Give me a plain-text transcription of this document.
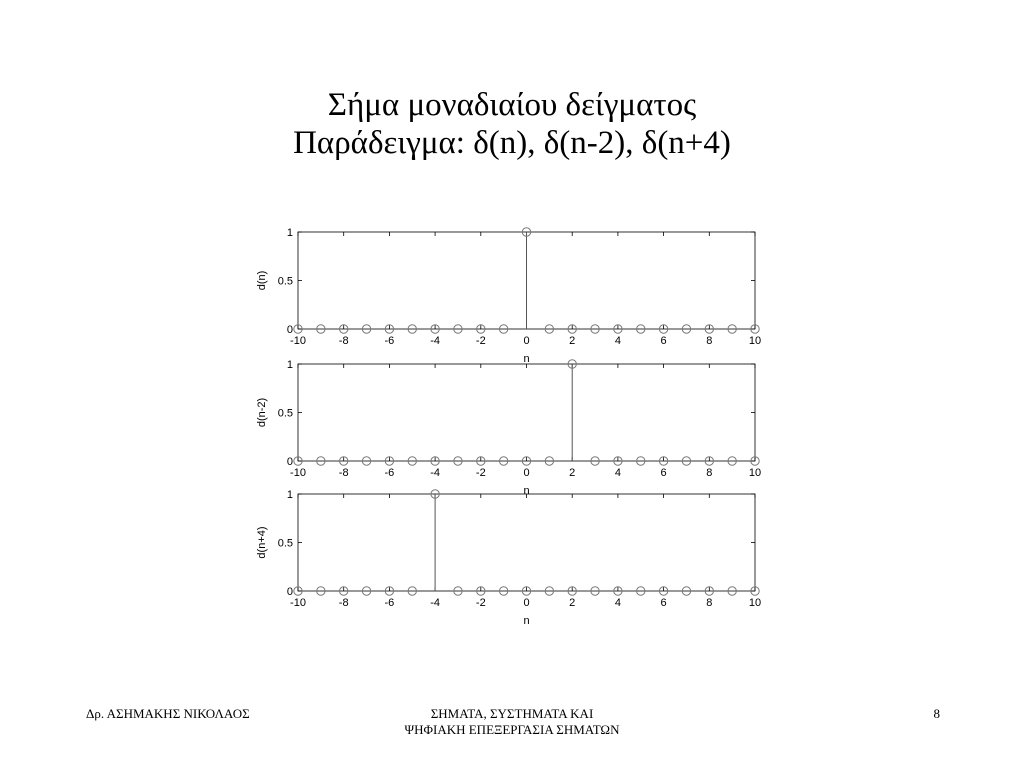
Σήμα μοναδιαίου δείγματος
Παράδειγμα: δ(n), δ(n-2), δ(n+4)
-10	-8	-6	-4	-2	0	2	4	6	8	10
0
0.5
1
n
d(n)
-10	-8	-6	-4	-2	0	2	4	6	8	10
0
0.5
1
n
d(n-2)
-10	-8	-6	-4	-2	0	2	4	6	8	10
0
0.5
1
n
d(n+4)
Δρ. ΑΣΗΜΑΚΗΣ ΝΙΚΟΛΑΟΣ	ΣΗΜΑΤΑ, ΣΥΣΤΗΜΑΤΑ ΚΑΙ
ΨΗΦΙΑΚΗ ΕΠΕΞΕΡΓΑΣΙΑ ΣΗΜΑΤΩΝ
8
